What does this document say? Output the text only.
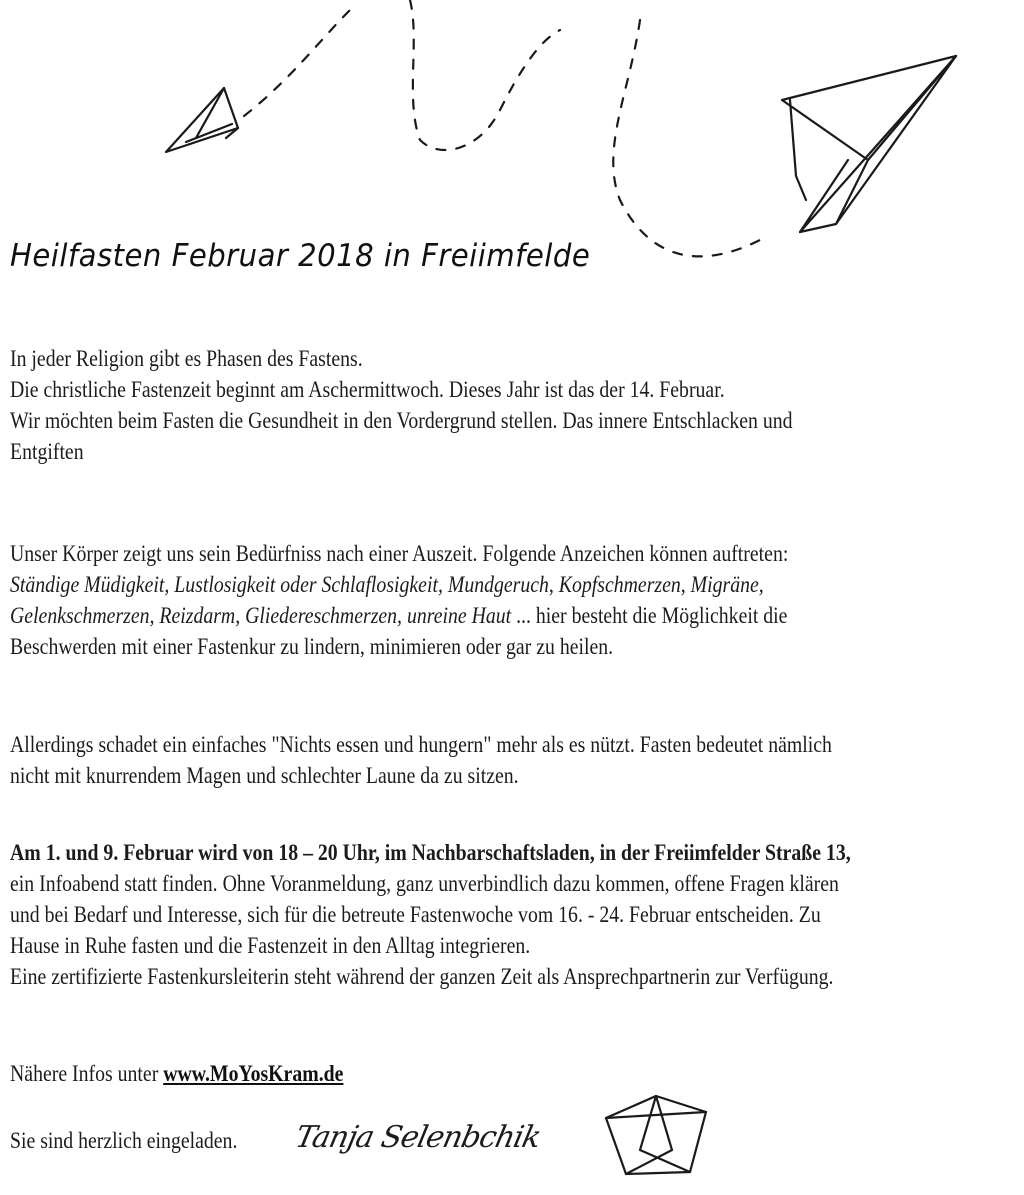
Heilfasten Februar 2018 in Freiimfelde
In jeder Religion gibt es Phasen des Fastens.
Die christliche Fastenzeit beginnt am Aschermittwoch. Dieses Jahr ist das der 14. Februar.
Wir möchten beim Fasten die Gesundheit in den Vordergrund stellen. Das innere Entschlacken und
Entgiften
Unser Körper zeigt uns sein Bedürfniss nach einer Auszeit. Folgende Anzeichen können auftreten:
Ständige Müdigkeit, Lustlosigkeit oder Schlaflosigkeit, Mundgeruch, Kopfschmerzen, Migräne,
Gelenkschmerzen, Reizdarm, Gliedereschmerzen, unreine Haut ... hier besteht die Möglichkeit die
Beschwerden mit einer Fastenkur zu lindern, minimieren oder gar zu heilen.
Allerdings schadet ein einfaches "Nichts essen und hungern" mehr als es nützt. Fasten bedeutet nämlich
nicht mit knurrendem Magen und schlechter Laune da zu sitzen.
Am 1. und 9. Februar wird von 18 – 20 Uhr, im Nachbarschaftsladen, in der Freiimfelder Straße 13,
ein Infoabend statt finden. Ohne Voranmeldung, ganz unverbindlich dazu kommen, offene Fragen klären
und bei Bedarf und Interesse, sich für die betreute Fastenwoche vom 16. - 24. Februar entscheiden. Zu
Hause in Ruhe fasten und die Fastenzeit in den Alltag integrieren.
Eine zertifizierte Fastenkursleiterin steht während der ganzen Zeit als Ansprechpartnerin zur Verfügung.
Nähere Infos unter www.MoYosKram.de
Sie sind herzlich eingeladen. Tanja Selenbchik
